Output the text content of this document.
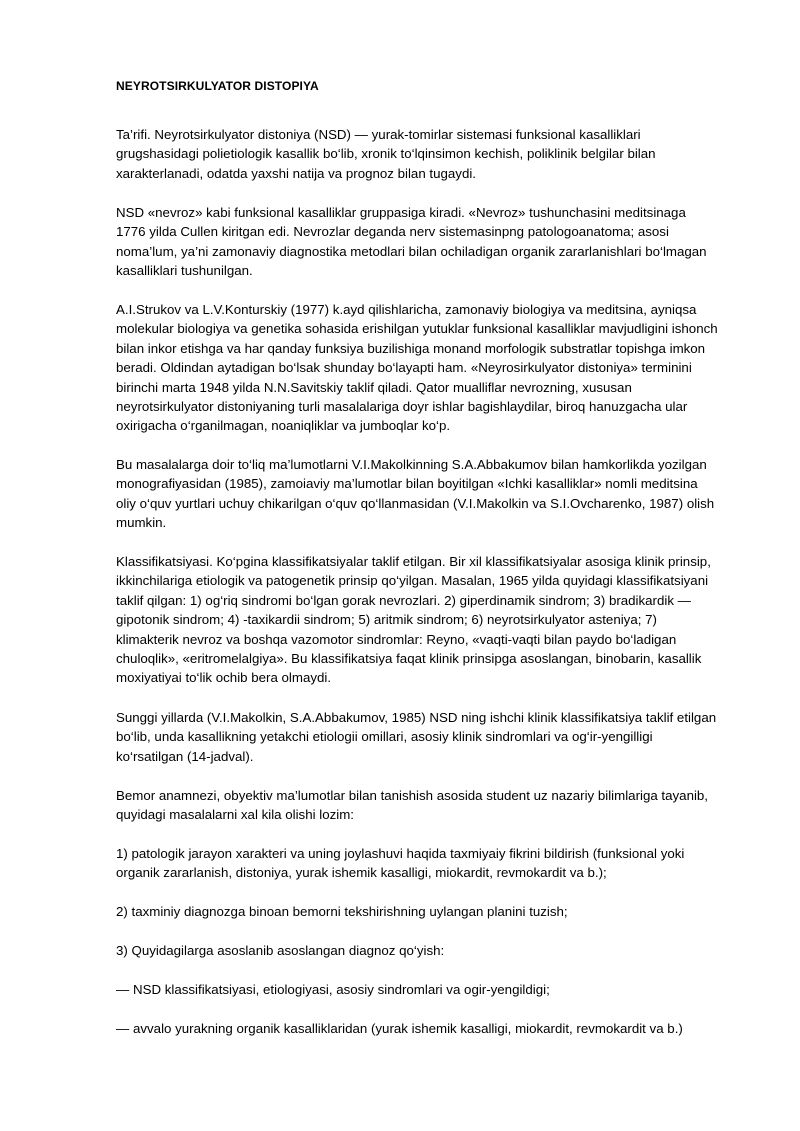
NEYROTSIRKULYATOR DISTOPIYA

Ta’rifi. Neyrotsirkulyator distoniya (NSD) — yurak-tomirlar sistemasi funksional kasalliklari grugshasidagi polietiologik kasallik bo‘lib, xronik to‘lqinsimon kechish, poliklinik belgilar bilan xarakterlanadi, odatda yaxshi natija va prognoz bilan tugaydi.

NSD «nevroz» kabi funksional kasalliklar gruppasiga kiradi. «Nevroz» tushunchasini meditsinaga 1776 yilda Cullen kiritgan edi. Nevrozlar deganda nerv sistemasinpng patologoanatoma; asosi noma’lum, ya’ni zamonaviy diagnostika metodlari bilan ochiladigan organik zararlanishlari bo‘lmagan kasalliklari tushunilgan.

A.I.Strukov va L.V.Konturskiy (1977) k.ayd qilishlaricha, zamonaviy biologiya va meditsina, ayniqsa molekular biologiya va genetika sohasida erishilgan yutuklar funksional kasalliklar mavjudligini ishonch bilan inkor etishga va har qanday funksiya buzilishiga monand morfologik substratlar topishga imkon beradi. Oldindan aytadigan bo‘lsak shunday bo‘layapti ham. «Neyrosirkulyator distoniya» terminini birinchi marta 1948 yilda N.N.Savitskiy taklif qiladi. Qator mualliflar nevrozning, xususan neyrotsirkulyator distoniyaning turli masalalariga doyr ishlar bagishlaydilar, biroq hanuzgacha ular oxirigacha o‘rganilmagan, noaniqliklar va jumboqlar ko‘p.

Bu masalalarga doir to‘liq ma’lumotlarni V.I.Makolkinning S.A.Abbakumov bilan hamkorlikda yozilgan monografiyasidan (1985), zamoiaviy ma’lumotlar bilan boyitilgan «Ichki kasalliklar» nomli meditsina oliy o‘quv yurtlari uchuy chikarilgan o‘quv qo‘llanmasidan (V.I.Makolkin va S.I.Ovcharenko, 1987) olish mumkin.

Klassifikatsiyasi. Ko‘pgina klassifikatsiyalar taklif etilgan. Bir xil klassifikatsiyalar asosiga klinik prinsip, ikkinchilariga etiologik va patogenetik prinsip qo‘yilgan. Masalan, 1965 yilda quyidagi klassifikatsiyani taklif qilgan: 1) og‘riq sindromi bo‘lgan gorak nevrozlari. 2) giperdinamik sindrom; 3) bradikardik — gipotonik sindrom; 4) -taxikardii sindrom; 5) aritmik sindrom; 6) neyrotsirkulyator asteniya; 7) klimakterik nevroz va boshqa vazomotor sindromlar: Reyno, «vaqti-vaqti bilan paydo bo‘ladigan chuloqlik», «eritromelalgiya». Bu klassifikatsiya faqat klinik prinsipga asoslangan, binobarin, kasallik moxiyatiyai to‘lik ochib bera olmaydi.

Sunggi yillarda (V.I.Makolkin, S.A.Abbakumov, 1985) NSD ning ishchi klinik klassifikatsiya taklif etilgan bo‘lib, unda kasallikning yetakchi etiologii omillari, asosiy klinik sindromlari va og‘ir-yengilligi ko‘rsatilgan (14-jadval).

Bemor anamnezi, obyektiv ma’lumotlar bilan tanishish asosida student uz nazariy bilimlariga tayanib, quyidagi masalalarni xal kila olishi lozim:

1) patologik jarayon xarakteri va uning joylashuvi haqida taxmiyaiy fikrini bildirish (funksional yoki organik zararlanish, distoniya, yurak ishemik kasalligi, miokardit, revmokardit va b.);

2) taxminiy diagnozga binoan bemorni tekshirishning uylangan planini tuzish;

3) Quyidagilarga asoslanib asoslangan diagnoz qo‘yish:

— NSD klassifikatsiyasi, etiologiyasi, asosiy sindromlari va ogir-yengildigi;

— avvalo yurakning organik kasalliklaridan (yurak ishemik kasalligi, miokardit, revmokardit va b.)
